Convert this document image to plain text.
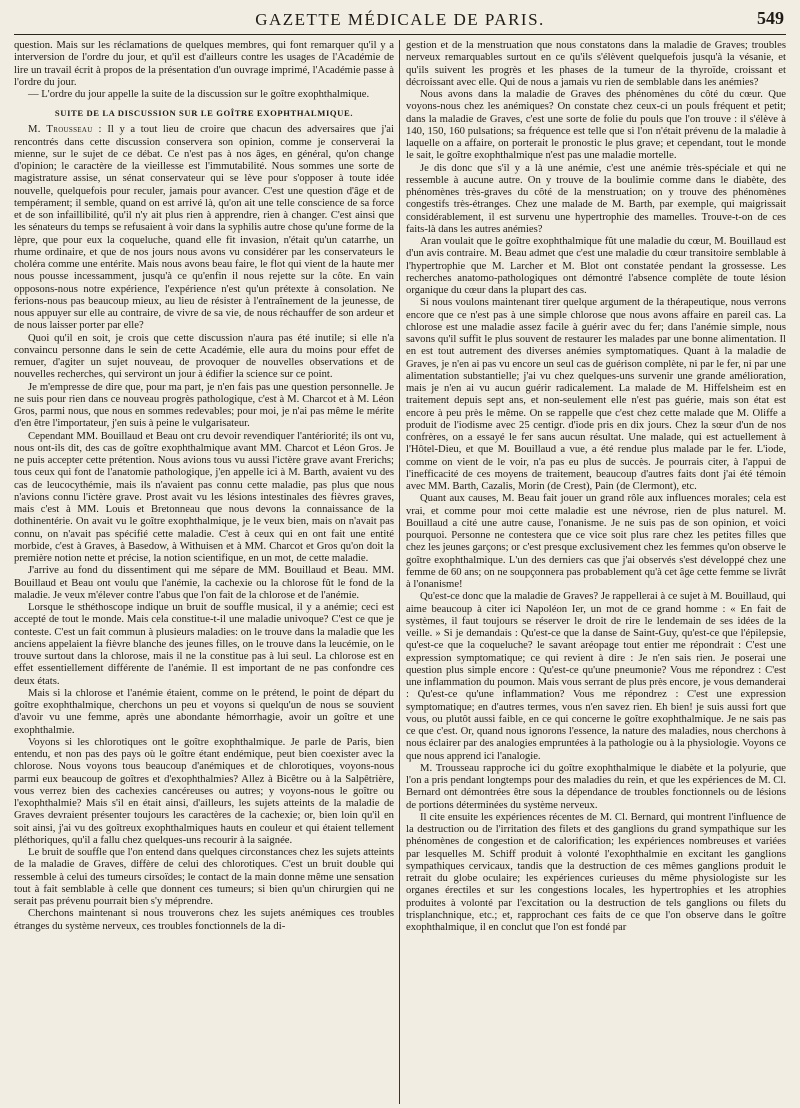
GAZETTE MÉDICALE DE PARIS.	549

question. Mais sur les réclamations de quelques membres, qui font remarquer qu'il y a interversion de l'ordre du jour, et qu'il est d'ailleurs contre les usages de l'Académie de lire un travail écrit à propos de la présentation d'un ouvrage imprimé, l'Académie passe à l'ordre du jour.

— L'ordre du jour appelle la suite de la discussion sur le goître exophthalmique.

SUITE DE LA DISCUSSION SUR LE GOÎTRE EXOPHTHALMIQUE.

M. Trousseau : Il y a tout lieu de croire que chacun des adversaires que j'ai rencontrés dans cette discussion conservera son opinion, comme je conserverai la mienne, sur le sujet de ce débat. Ce n'est pas à nos âges, en général, qu'on change d'opinion; le caractère de la vieillesse est l'immutabilité. Nous sommes une sorte de magistrature assise, un sénat conservateur qui se lève pour s'opposer à toute idée nouvelle, quelquefois pour reculer, jamais pour avancer. C'est une question d'âge et de tempérament; il semble, quand on est arrivé là, qu'on ait une telle conscience de sa force et de son infaillibilité, qu'il n'y ait plus rien à apprendre, rien à changer. C'est ainsi que les sénateurs du temps se refusaient à voir dans la syphilis autre chose qu'une forme de la lèpre, que pour eux la coqueluche, quand elle fit invasion, n'était qu'un catarrhe, un rhume ordinaire, et que de nos jours nous avons vu considérer par les conservateurs le choléra comme une entérite. Mais nous avons beau faire, le flot qui vient de la haute mer nous pousse incessamment, jusqu'à ce qu'enfin il nous rejette sur la côte. En vain opposons-nous notre expérience, l'expérience n'est qu'un prétexte à consolation. Ne ferions-nous pas beaucoup mieux, au lieu de résister à l'entraînement de la jeunesse, de nous appuyer sur elle au contraire, de vivre de sa vie, de nous réchauffer de son ardeur et de nous laisser porter par elle?

Quoi qu'il en soit, je crois que cette discussion n'aura pas été inutile; si elle n'a convaincu personne dans le sein de cette Académie, elle aura du moins pour effet de remuer, d'agiter un sujet nouveau, de provoquer de nouvelles observations et de nouvelles recherches, qui serviront un jour à édifier la science sur ce point.

Je m'empresse de dire que, pour ma part, je n'en fais pas une question personnelle. Je ne suis pour rien dans ce nouveau progrès pathologique, c'est à M. Charcot et à M. Léon Gros, parmi nous, que nous en sommes redevables; pour moi, je n'ai pas même le mérite d'en être l'importateur, j'en suis à peine le vulgarisateur.

Cependant MM. Bouillaud et Beau ont cru devoir revendiquer l'antériorité; ils ont vu, nous ont-ils dit, des cas de goître exophthalmique avant MM. Charcot et Léon Gros. Je ne puis accepter cette prétention. Nous avions tous vu aussi l'ictère grave avant Frerichs; tous ceux qui font de l'anatomie pathologique, j'en appelle ici à M. Barth, avaient vu des cas de leucocythémie, mais ils n'avaient pas connu cette maladie, pas plus que nous n'avions connu l'ictère grave. Prost avait vu les lésions intestinales des fièvres graves, mais c'est à MM. Louis et Bretonneau que nous devons la connaissance de la dothinentérie. On avait vu le goître exophthalmique, je le veux bien, mais on n'avait pas connu, on n'avait pas spécifié cette maladie. C'est à ceux qui en ont fait une entité morbide, c'est à Graves, à Basedow, à Withuisen et à MM. Charcot et Gros qu'on doit la première notion nette et précise, la notion scientifique, en un mot, de cette maladie.

J'arrive au fond du dissentiment qui me sépare de MM. Bouillaud et Beau. MM. Bouillaud et Beau ont voulu que l'anémie, la cachexie ou la chlorose fût le fond de la maladie. Je veux m'élever contre l'abus que l'on fait de la chlorose et de l'anémie.

Lorsque le sthéthoscope indique un bruit de souffle musical, il y a anémie; ceci est accepté de tout le monde. Mais cela constitue-t-il une maladie univoque? C'est ce que je conteste. C'est un fait commun à plusieurs maladies: on le trouve dans la maladie que les anciens appelaient la fièvre blanche des jeunes filles, on le trouve dans la leucémie, on le trouve surtout dans la chlorose, mais il ne la constitue pas à lui seul. La chlorose est en effet essentiellement différente de l'anémie. Il est important de ne pas confondre ces deux états.

Mais si la chlorose et l'anémie étaient, comme on le prétend, le point de départ du goître exophthalmique, cherchons un peu et voyons si quelqu'un de nous se souvient d'avoir vu une femme, après une abondante hémorrhagie, avoir un goître et une exophthalmie.

Voyons si les chlorotiques ont le goître exophthalmique. Je parle de Paris, bien entendu, et non pas des pays où le goître étant endémique, peut bien coexister avec la chlorose. Nous voyons tous beaucoup d'anémiques et de chlorotiques, voyons-nous parmi eux beaucoup de goîtres et d'exophthalmies? Allez à Bicêtre ou à la Salpêtrière, vous verrez bien des cachexies cancéreuses ou autres; y voyons-nous le goître ou l'exophthalmie? Mais s'il en était ainsi, d'ailleurs, les sujets atteints de la maladie de Graves devraient présenter toujours les caractères de la cachexie; or, bien loin qu'il en soit ainsi, j'ai vu des goîtreux exophthalmiques hauts en couleur et qui étaient tellement pléthoriques, qu'il a fallu chez quelques-uns recourir à la saignée.

Le bruit de souffle que l'on entend dans quelques circonstances chez les sujets atteints de la maladie de Graves, diffère de celui des chlorotiques. C'est un bruit double qui ressemble à celui des tumeurs cirsoïdes; le contact de la main donne même une sensation tout à fait semblable à celle que donnent ces tumeurs; si bien qu'un chirurgien qui ne serait pas prévenu pourrait bien s'y méprendre.

Cherchons maintenant si nous trouverons chez les sujets anémiques ces troubles étranges du système nerveux, ces troubles fonctionnels de la di-

gestion et de la menstruation que nous constatons dans la maladie de Graves; troubles nerveux remarquables surtout en ce qu'ils s'élèvent quelquefois jusqu'à la vésanie, et qu'ils suivent les progrès et les phases de la tumeur de la thyroïde, croissant et décroissant avec elle. Qui de nous a jamais vu rien de semblable dans les anémies?

Nous avons dans la maladie de Graves des phénomènes du côté du cœur. Que voyons-nous chez les anémiques? On constate chez ceux-ci un pouls fréquent et petit; dans la maladie de Graves, c'est une sorte de folie du pouls que l'on trouve : il s'élève à 140, 150, 160 pulsations; sa fréquence est telle que si l'on n'était prévenu de la maladie à laquelle on a affaire, on porterait le pronostic le plus grave; et cependant, tout le monde le sait, le goître exophthalmique n'est pas une maladie mortelle.

Je dis donc que s'il y a là une anémie, c'est une anémie très-spéciale et qui ne ressemble à aucune autre. On y trouve de la boulimie comme dans le diabète, des phénomènes très-graves du côté de la menstruation; on y trouve des phénomènes congestifs très-étranges. Chez une malade de M. Barth, par exemple, qui maigrissait considérablement, il est survenu une hypertrophie des mamelles. Trouve-t-on de ces faits-là dans les autres anémies?

Aran voulait que le goître exophthalmique fût une maladie du cœur, M. Bouillaud est d'un avis contraire. M. Beau admet que c'est une maladie du cœur transitoire semblable à l'hypertrophie que M. Larcher et M. Blot ont constatée pendant la grossesse. Les recherches anatomo-pathologiques ont démontré l'absence complète de toute lésion organique du cœur dans la plupart des cas.

Si nous voulons maintenant tirer quelque argument de la thérapeutique, nous verrons encore que ce n'est pas à une simple chlorose que nous avons affaire en pareil cas. La chlorose est une maladie assez facile à guérir avec du fer; dans l'anémie simple, nous savons qu'il suffit le plus souvent de restaurer les malades par une bonne alimentation. Il en est tout autrement des diverses anémies symptomatiques. Quant à la maladie de Graves, je n'en ai pas vu encore un seul cas de guérison complète, ni par le fer, ni par une alimentation substantielle; j'ai vu chez quelques-uns survenir une grande amélioration, mais je n'en ai vu aucun guérir radicalement. La malade de M. Hiffelsheim est en traitement depuis sept ans, et non-seulement elle n'est pas guérie, mais son état est encore à peu près le même. On se rappelle que c'est chez cette malade que M. Oliffe a produit de l'iodisme avec 25 centigr. d'iode pris en dix jours. Chez la sœur d'un de nos confrères, on a essayé le fer sans aucun résultat. Une malade, qui est actuellement à l'Hôtel-Dieu, et que M. Bouillaud a vue, a été rendue plus malade par le fer. L'iode, comme on vient de le voir, n'a pas eu plus de succès. Je pourrais citer, à l'appui de l'inefficacité de ces moyens de traitement, beaucoup d'autres faits dont j'ai été témoin avec MM. Barth, Cazalis, Morin (de Crest), Pain (de Clermont), etc.

Quant aux causes, M. Beau fait jouer un grand rôle aux influences morales; cela est vrai, et comme pour moi cette maladie est une névrose, rien de plus naturel. M. Bouillaud a cité une autre cause, l'onanisme. Je ne suis pas de son opinion, et voici pourquoi. Personne ne contestera que ce vice soit plus rare chez les petites filles que chez les jeunes garçons; or c'est presque exclusivement chez les femmes qu'on observe le goître exophthalmique. L'un des derniers cas que j'ai observés s'est développé chez une femme de 60 ans; on ne soupçonnera pas probablement qu'à cet âge cette femme se livrât à l'onanisme!

Qu'est-ce donc que la maladie de Graves? Je rappellerai à ce sujet à M. Bouillaud, qui aime beaucoup à citer ici Napoléon Ier, un mot de ce grand homme : « En fait de systèmes, il faut toujours se réserver le droit de rire le lendemain de ses idées de la veille. » Si je demandais : Qu'est-ce que la danse de Saint-Guy, qu'est-ce que l'épilepsie, qu'est-ce que la coqueluche? le savant aréopage tout entier me répondrait : C'est une expression symptomatique; ce qui revient à dire : Je n'en sais rien. Je poserai une question plus simple encore : Qu'est-ce qu'une pneumonie? Vous me répondrez : C'est une inflammation du poumon. Mais vous serrant de plus près encore, je vous demanderai : Qu'est-ce qu'une inflammation? Vous me répondrez : C'est une expression symptomatique; en d'autres termes, vous n'en savez rien. Eh bien! je suis aussi fort que vous, ou plutôt aussi faible, en ce qui concerne le goître exophthalmique. Je ne sais pas ce que c'est. Or, quand nous ignorons l'essence, la nature des maladies, nous cherchons à nous éclairer par des analogies empruntées à la pathologie ou à la physiologie. Voyons ce que nous apprend ici l'analogie.

M. Trousseau rapproche ici du goître exophthalmique le diabète et la polyurie, que l'on a pris pendant longtemps pour des maladies du rein, et que les expériences de M. Cl. Bernard ont démontrées être sous la dépendance de troubles fonctionnels ou de lésions de portions déterminées du système nerveux.

Il cite ensuite les expériences récentes de M. Cl. Bernard, qui montrent l'influence de la destruction ou de l'irritation des filets et des ganglions du grand sympathique sur les phénomènes de congestion et de calorification; les expériences nombreuses et variées par lesquelles M. Schiff produit à volonté l'exophthalmie en excitant les ganglions sympathiques cervicaux, tandis que la destruction de ces mêmes ganglions produit le retrait du globe oculaire; les expériences curieuses du même physiologiste sur les organes érectiles et sur les congestions locales, les hypertrophies et les atrophies produites à volonté par l'excitation ou la destruction de tels ganglions ou filets du trisplanchnique, etc.; et, rapprochant ces faits de ce que l'on observe dans le goître exophthalmique, il en conclut que l'on est fondé par
